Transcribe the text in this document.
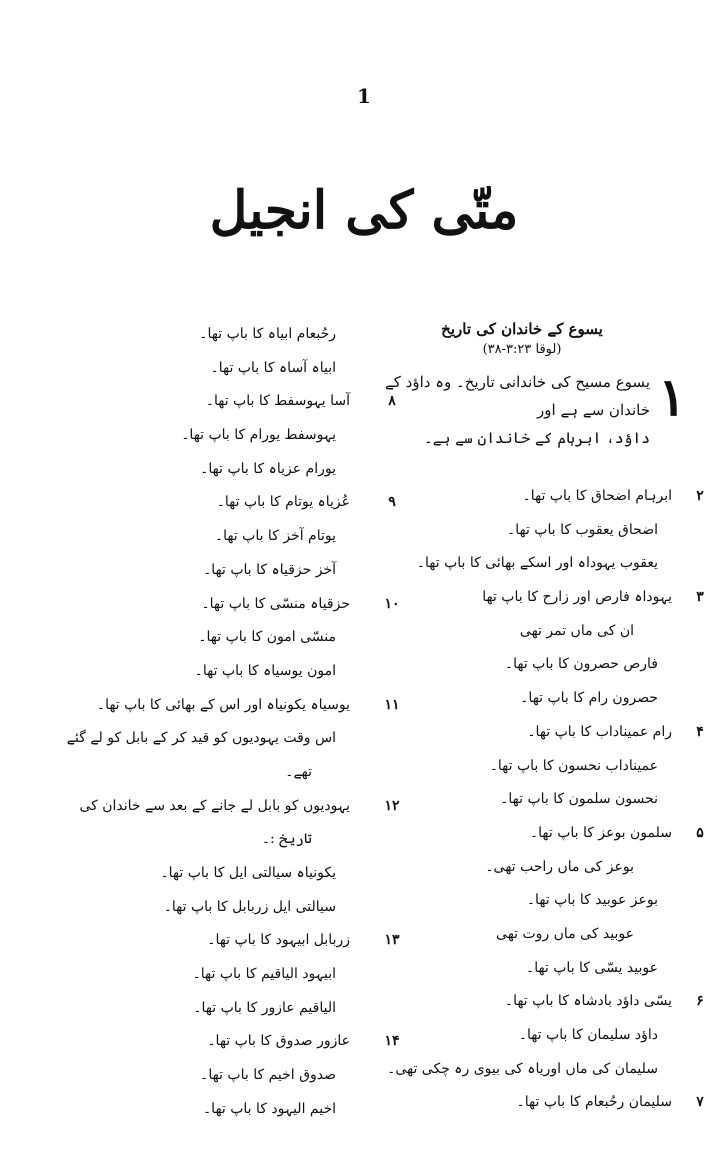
1
متّی کی انجیل
یسوع کے خاندان کی تاریخ
(لوقا ۳:۲۳-۳۸)
۱
یسوع مسیح کی خاندانی تاریخ۔ وہ داؤد کے خاندان سے ہے اور
داؤد، ابرہام کے خاندان سے ہے۔
۲
ابرہام اضحاق کا باپ تھا۔
اضحاق یعقوب کا باپ تھا۔
یعقوب یہوداہ اور اسکے بھائی کا باپ تھا۔
۳
یہوداہ فارص اور زارح کا باپ تھا
ان کی ماں تمر تھی
فارص حصرون کا باپ تھا۔
حصرون رام کا باپ تھا۔
۴
رام عمیناداب کا باپ تھا۔
عمیناداب نحسون کا باپ تھا۔
نحسون سلمون کا باپ تھا۔
۵
سلمون بوعز کا باپ تھا۔
بوعز کی ماں راحب تھی۔
بوعز عوبید کا باپ تھا۔
عوبید کی ماں روت تھی
عوبید یسّی کا باپ تھا۔
۶
یسّی داؤد بادشاہ کا باپ تھا۔
داؤد سلیمان کا باپ تھا۔
سلیمان کی ماں اوریاہ کی بیوی رہ چکی تھی۔
۷
سلیمان رحُبعام کا باپ تھا۔
رحُبعام ابیاہ کا باپ تھا۔
ابیاہ آساہ کا باپ تھا۔
۸
آسا یہوسفط کا باپ تھا۔
یہوسفط یورام کا باپ تھا۔
یورام عزیاہ کا باپ تھا۔
۹
عُزیاہ یوتام کا باپ تھا۔
یوتام آخز کا باپ تھا۔
آخز حزقیاہ کا باپ تھا۔
۱۰
حزقیاہ منسّی کا باپ تھا۔
منسّی امون کا باپ تھا۔
امون یوسیاہ کا باپ تھا۔
۱۱
یوسیاہ یکونیاہ اور اس کے بھائی کا باپ تھا۔
اس وقت یہودیوں کو قید کر کے بابل کو لے گئے
تھے۔
۱۲
یہودیوں کو بابل لے جانے کے بعد سے خاندان کی
تاریخ :۔
یکونیاہ سیالتی ایل کا باپ تھا۔
سیالتی ایل زربابل کا باپ تھا۔
۱۳
زربابل ابیہود کا باپ تھا۔
ابیہود الیاقیم کا باپ تھا۔
الیاقیم عازور کا باپ تھا۔
۱۴
عازور صدوق کا باپ تھا۔
صدوق اخیم کا باپ تھا۔
اخیم الیہود کا باپ تھا۔
